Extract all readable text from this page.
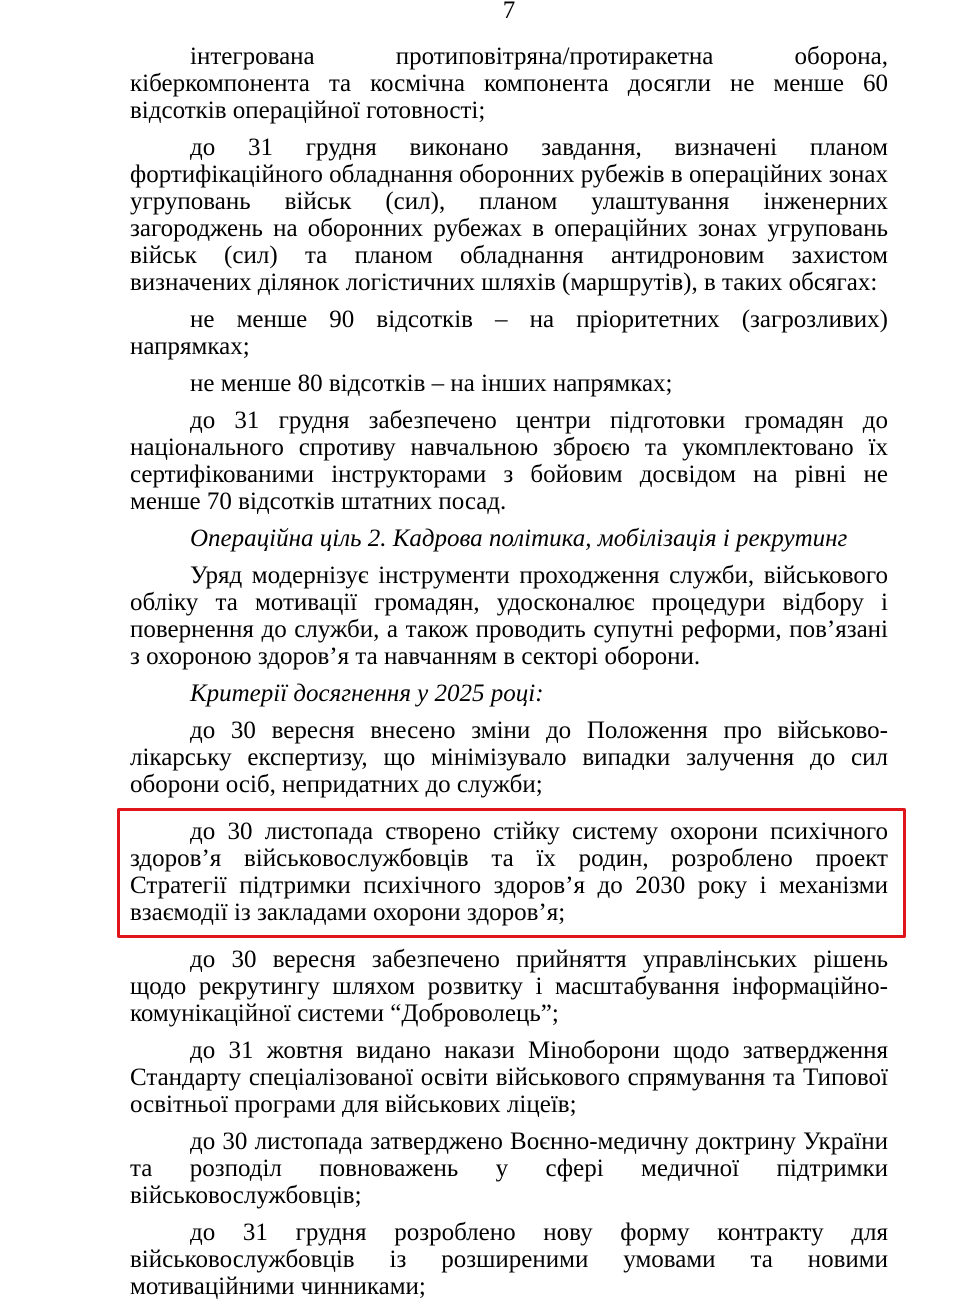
7

інтегрована протиповітряна/протиракетна оборона, кіберкомпонента та космічна компонента досягли не менше 60 відсотків операційної готовності;

до 31 грудня виконано завдання, визначені планом фортифікаційного обладнання оборонних рубежів в операційних зонах угруповань військ (сил), планом улаштування інженерних загороджень на оборонних рубежах в операційних зонах угруповань військ (сил) та планом обладнання антидроновим захистом визначених ділянок логістичних шляхів (маршрутів), в таких обсягах:

не менше 90 відсотків – на пріоритетних (загрозливих) напрямках;

не менше 80 відсотків – на інших напрямках;

до 31 грудня забезпечено центри підготовки громадян до національного спротиву навчальною зброєю та укомплектовано їх сертифікованими інструкторами з бойовим досвідом на рівні не менше 70 відсотків штатних посад.

Операційна ціль 2. Кадрова політика, мобілізація і рекрутинг

Уряд модернізує інструменти проходження служби, військового обліку та мотивації громадян, удосконалює процедури відбору і повернення до служби, а також проводить супутні реформи, пов’язані з охороною здоров’я та навчанням в секторі оборони.

Критерії досягнення у 2025 році:

до 30 вересня внесено зміни до Положення про військово-лікарську експертизу, що мінімізувало випадки залучення до сил оборони осіб, непридатних до служби;

до 30 листопада створено стійку систему охорони психічного здоров’я військовослужбовців та їх родин, розроблено проект Стратегії підтримки психічного здоров’я до 2030 року і механізми взаємодії із закладами охорони здоров’я;

до 30 вересня забезпечено прийняття управлінських рішень щодо рекрутингу шляхом розвитку і масштабування інформаційно-комунікаційної системи “Доброволець”;

до 31 жовтня видано накази Міноборони щодо затвердження Стандарту спеціалізованої освіти військового спрямування та Типової освітньої програми для військових ліцеїв;

до 30 листопада затверджено Воєнно-медичну доктрину України та розподіл повноважень у сфері медичної підтримки військовослужбовців;

до 31 грудня розроблено нову форму контракту для військовослужбовців із розширеними умовами та новими мотиваційними чинниками;
